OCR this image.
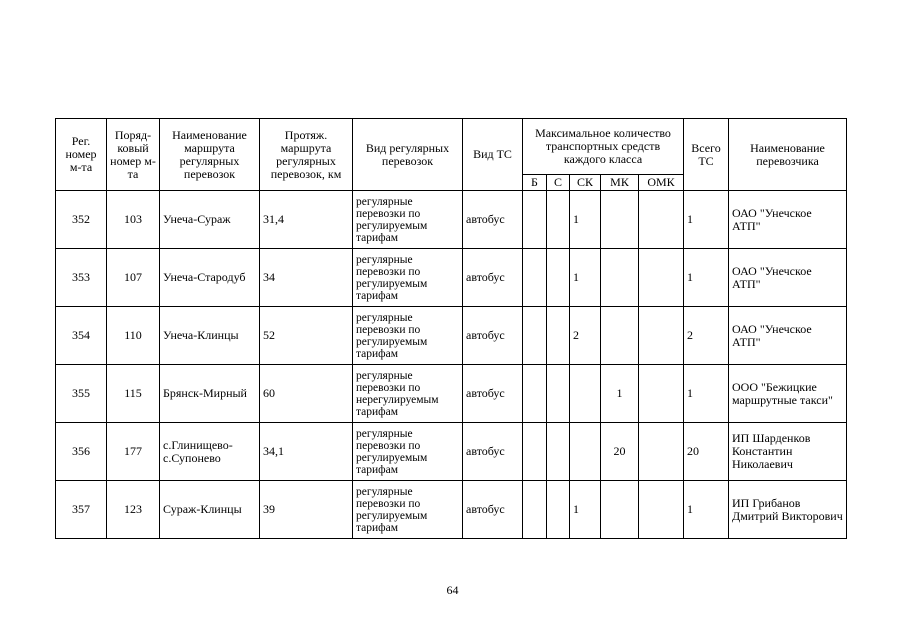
Рег. номер м-та	Поряд-ковый номер м-та	Наименование маршрута регулярных перевозок	Протяж. маршрута регулярных перевозок, км	Вид регулярных перевозок	Вид ТС	Максимальное количество транспортных средств каждого класса					Всего ТС	Наименование перевозчика
						Б	С	СК	МК	ОМК		
352	103	Унеча-Сураж	31,4	регулярные перевозки по регулируемым тарифам	автобус			1			1	ОАО "Унечское АТП"
353	107	Унеча-Стародуб	34	регулярные перевозки по регулируемым тарифам	автобус			1			1	ОАО "Унечское АТП"
354	110	Унеча-Клинцы	52	регулярные перевозки по регулируемым тарифам	автобус			2			2	ОАО "Унечское АТП"
355	115	Брянск-Мирный	60	регулярные перевозки по нерегулируемым тарифам	автобус				1		1	ООО "Бежицкие маршрутные такси"
356	177	с.Глинищево-с.Супонево	34,1	регулярные перевозки по регулируемым тарифам	автобус				20		20	ИП Шарденков Константин Николаевич
357	123	Сураж-Клинцы	39	регулярные перевозки по регулируемым тарифам	автобус			1			1	ИП Грибанов Дмитрий Викторович
64
